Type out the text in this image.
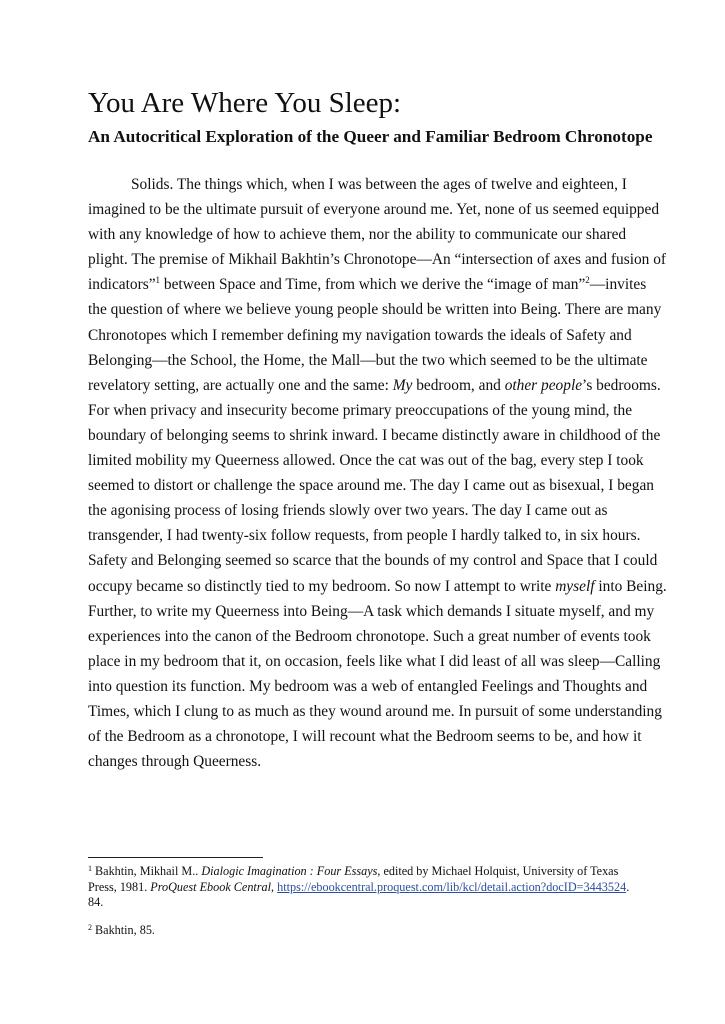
You Are Where You Sleep:
An Autocritical Exploration of the Queer and Familiar Bedroom Chronotope
Solids. The things which, when I was between the ages of twelve and eighteen, I
imagined to be the ultimate pursuit of everyone around me. Yet, none of us seemed equipped
with any knowledge of how to achieve them, nor the ability to communicate our shared
plight. The premise of Mikhail Bakhtin’s Chronotope—An “intersection of axes and fusion of
indicators”$^1$ between Space and Time, from which we derive the “image of man”$^2$—invites
the question of where we believe young people should be written into Being. There are many
Chronotopes which I remember defining my navigation towards the ideals of Safety and
Belonging—the School, the Home, the Mall—but the two which seemed to be the ultimate
revelatory setting, are actually one and the same: My bedroom, and other people’s bedrooms.
For when privacy and insecurity become primary preoccupations of the young mind, the
boundary of belonging seems to shrink inward. I became distinctly aware in childhood of the
limited mobility my Queerness allowed. Once the cat was out of the bag, every step I took
seemed to distort or challenge the space around me. The day I came out as bisexual, I began
the agonising process of losing friends slowly over two years. The day I came out as
transgender, I had twenty-six follow requests, from people I hardly talked to, in six hours.
Safety and Belonging seemed so scarce that the bounds of my control and Space that I could
occupy became so distinctly tied to my bedroom. So now I attempt to write myself into Being.
Further, to write my Queerness into Being—A task which demands I situate myself, and my
experiences into the canon of the Bedroom chronotope. Such a great number of events took
place in my bedroom that it, on occasion, feels like what I did least of all was sleep—Calling
into question its function. My bedroom was a web of entangled Feelings and Thoughts and
Times, which I clung to as much as they wound around me. In pursuit of some understanding
of the Bedroom as a chronotope, I will recount what the Bedroom seems to be, and how it
changes through Queerness.
$^1$ Bakhtin, Mikhail M.. Dialogic Imagination : Four Essays, edited by Michael Holquist, University of Texas
Press, 1981. ProQuest Ebook Central, https://ebookcentral.proquest.com/lib/kcl/detail.action?docID=3443524.
84.
$^2$ Bakhtin, 85.
